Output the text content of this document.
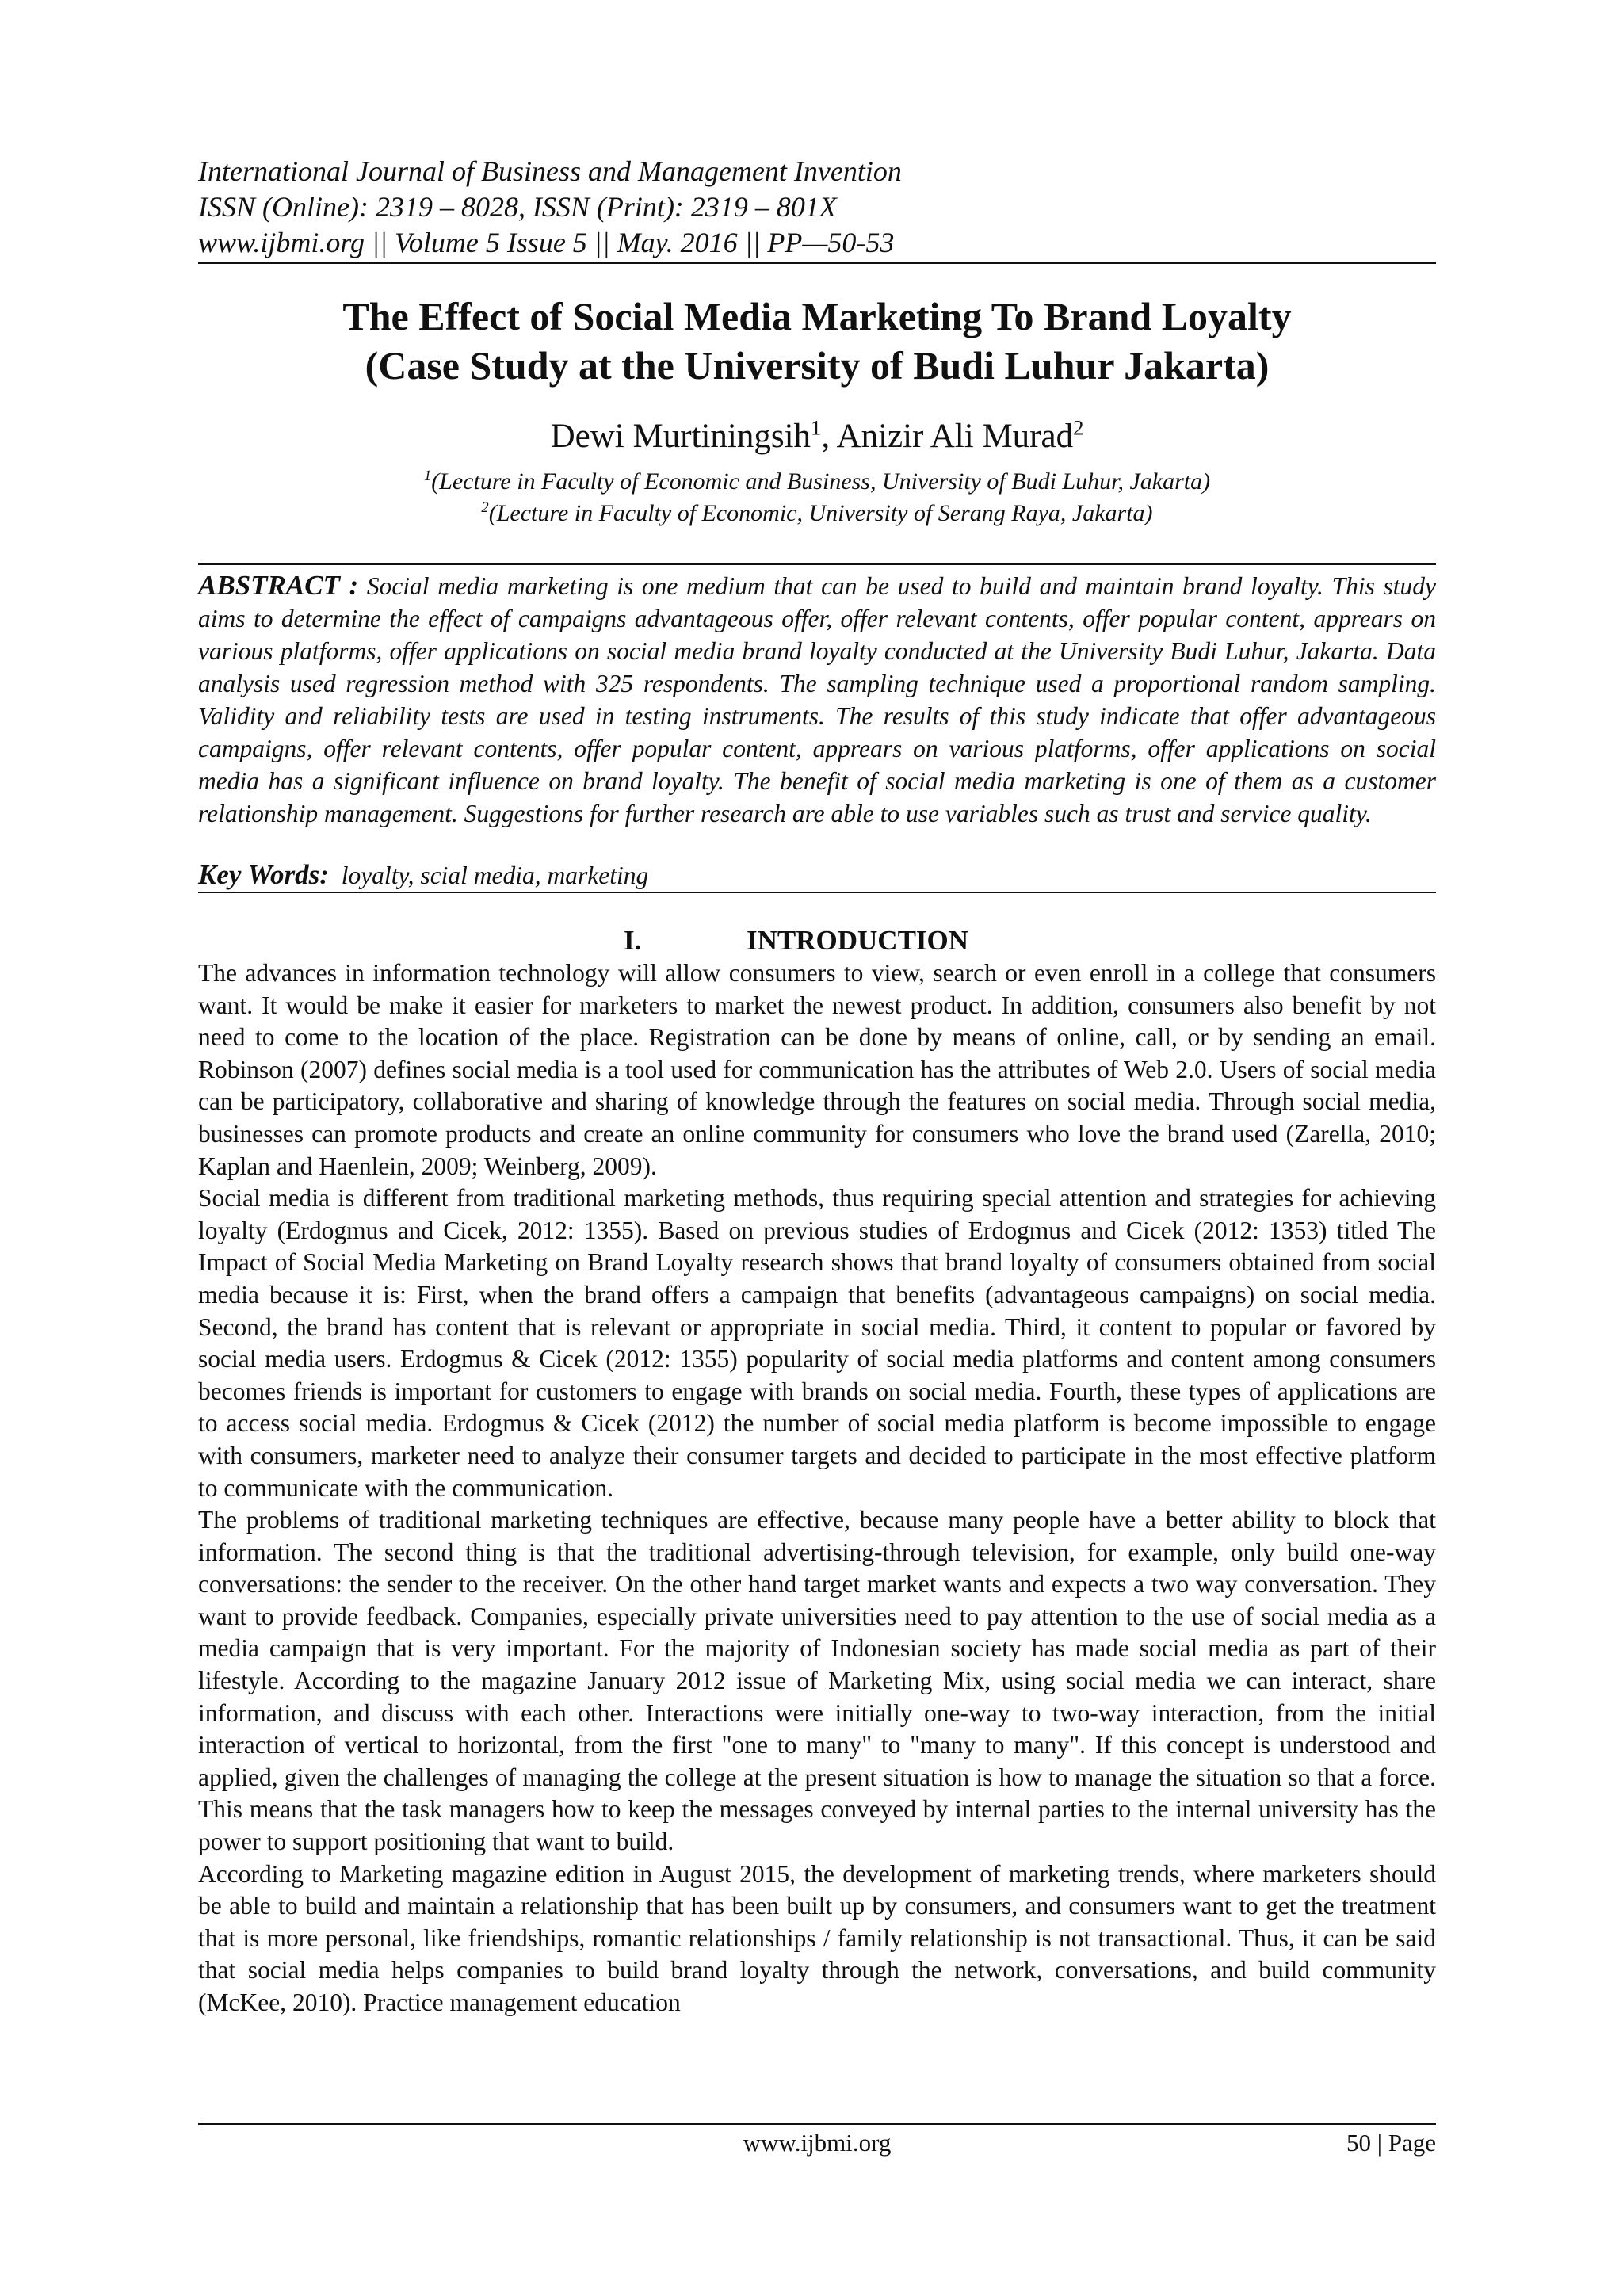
International Journal of Business and Management Invention
ISSN (Online): 2319 – 8028, ISSN (Print): 2319 – 801X
www.ijbmi.org || Volume 5 Issue 5 || May. 2016 || PP—50-53
The Effect of Social Media Marketing To Brand Loyalty
(Case Study at the University of Budi Luhur Jakarta)
Dewi Murtiningsih$^1$, Anizir Ali Murad$^2$
$^1$(Lecture in Faculty of Economic and Business, University of Budi Luhur, Jakarta)
$^2$(Lecture in Faculty of Economic, University of Serang Raya, Jakarta)
ABSTRACT : Social media marketing is one medium that can be used to build and maintain brand loyalty. This study aims to determine the effect of campaigns advantageous offer, offer relevant contents, offer popular content, apprears on various platforms, offer applications on social media brand loyalty conducted at the University Budi Luhur, Jakarta. Data analysis used regression method with 325 respondents. The sampling technique used a proportional random sampling. Validity and reliability tests are used in testing instruments. The results of this study indicate that offer advantageous campaigns, offer relevant contents, offer popular content, apprears on various platforms, offer applications on social media has a significant influence on brand loyalty. The benefit of social media marketing is one of them as a customer relationship management. Suggestions for further research are able to use variables such as trust and service quality.
Key Words: loyalty, scial media, marketing
I.	INTRODUCTION

The advances in information technology will allow consumers to view, search or even enroll in a college that consumers want. It would be make it easier for marketers to market the newest product. In addition, consumers also benefit by not need to come to the location of the place. Registration can be done by means of online, call, or by sending an email. Robinson (2007) defines social media is a tool used for communication has the attributes of Web 2.0. Users of social media can be participatory, collaborative and sharing of knowledge through the features on social media. Through social media, businesses can promote products and create an online community for consumers who love the brand used (Zarella, 2010; Kaplan and Haenlein, 2009; Weinberg, 2009).

Social media is different from traditional marketing methods, thus requiring special attention and strategies for achieving loyalty (Erdogmus and Cicek, 2012: 1355). Based on previous studies of Erdogmus and Cicek (2012: 1353) titled The Impact of Social Media Marketing on Brand Loyalty research shows that brand loyalty of consumers obtained from social media because it is: First, when the brand offers a campaign that benefits (advantageous campaigns) on social media. Second, the brand has content that is relevant or appropriate in social media. Third, it content to popular or favored by social media users. Erdogmus & Cicek (2012: 1355) popularity of social media platforms and content among consumers becomes friends is important for customers to engage with brands on social media. Fourth, these types of applications are to access social media. Erdogmus & Cicek (2012) the number of social media platform is become impossible to engage with consumers, marketer need to analyze their consumer targets and decided to participate in the most effective platform to communicate with the communication.

The problems of traditional marketing techniques are effective, because many people have a better ability to block that information. The second thing is that the traditional advertising-through television, for example, only build one-way conversations: the sender to the receiver. On the other hand target market wants and expects a two way conversation. They want to provide feedback. Companies, especially private universities need to pay attention to the use of social media as a media campaign that is very important. For the majority of Indonesian society has made social media as part of their lifestyle. According to the magazine January 2012 issue of Marketing Mix, using social media we can interact, share information, and discuss with each other. Interactions were initially one-way to two-way interaction, from the initial interaction of vertical to horizontal, from the first "one to many" to "many to many". If this concept is understood and applied, given the challenges of managing the college at the present situation is how to manage the situation so that a force. This means that the task managers how to keep the messages conveyed by internal parties to the internal university has the power to support positioning that want to build.

According to Marketing magazine edition in August 2015, the development of marketing trends, where marketers should be able to build and maintain a relationship that has been built up by consumers, and consumers want to get the treatment that is more personal, like friendships, romantic relationships / family relationship is not transactional. Thus, it can be said that social media helps companies to build brand loyalty through the network, conversations, and build community (McKee, 2010). Practice management education

www.ijbmi.org	50 | Page
